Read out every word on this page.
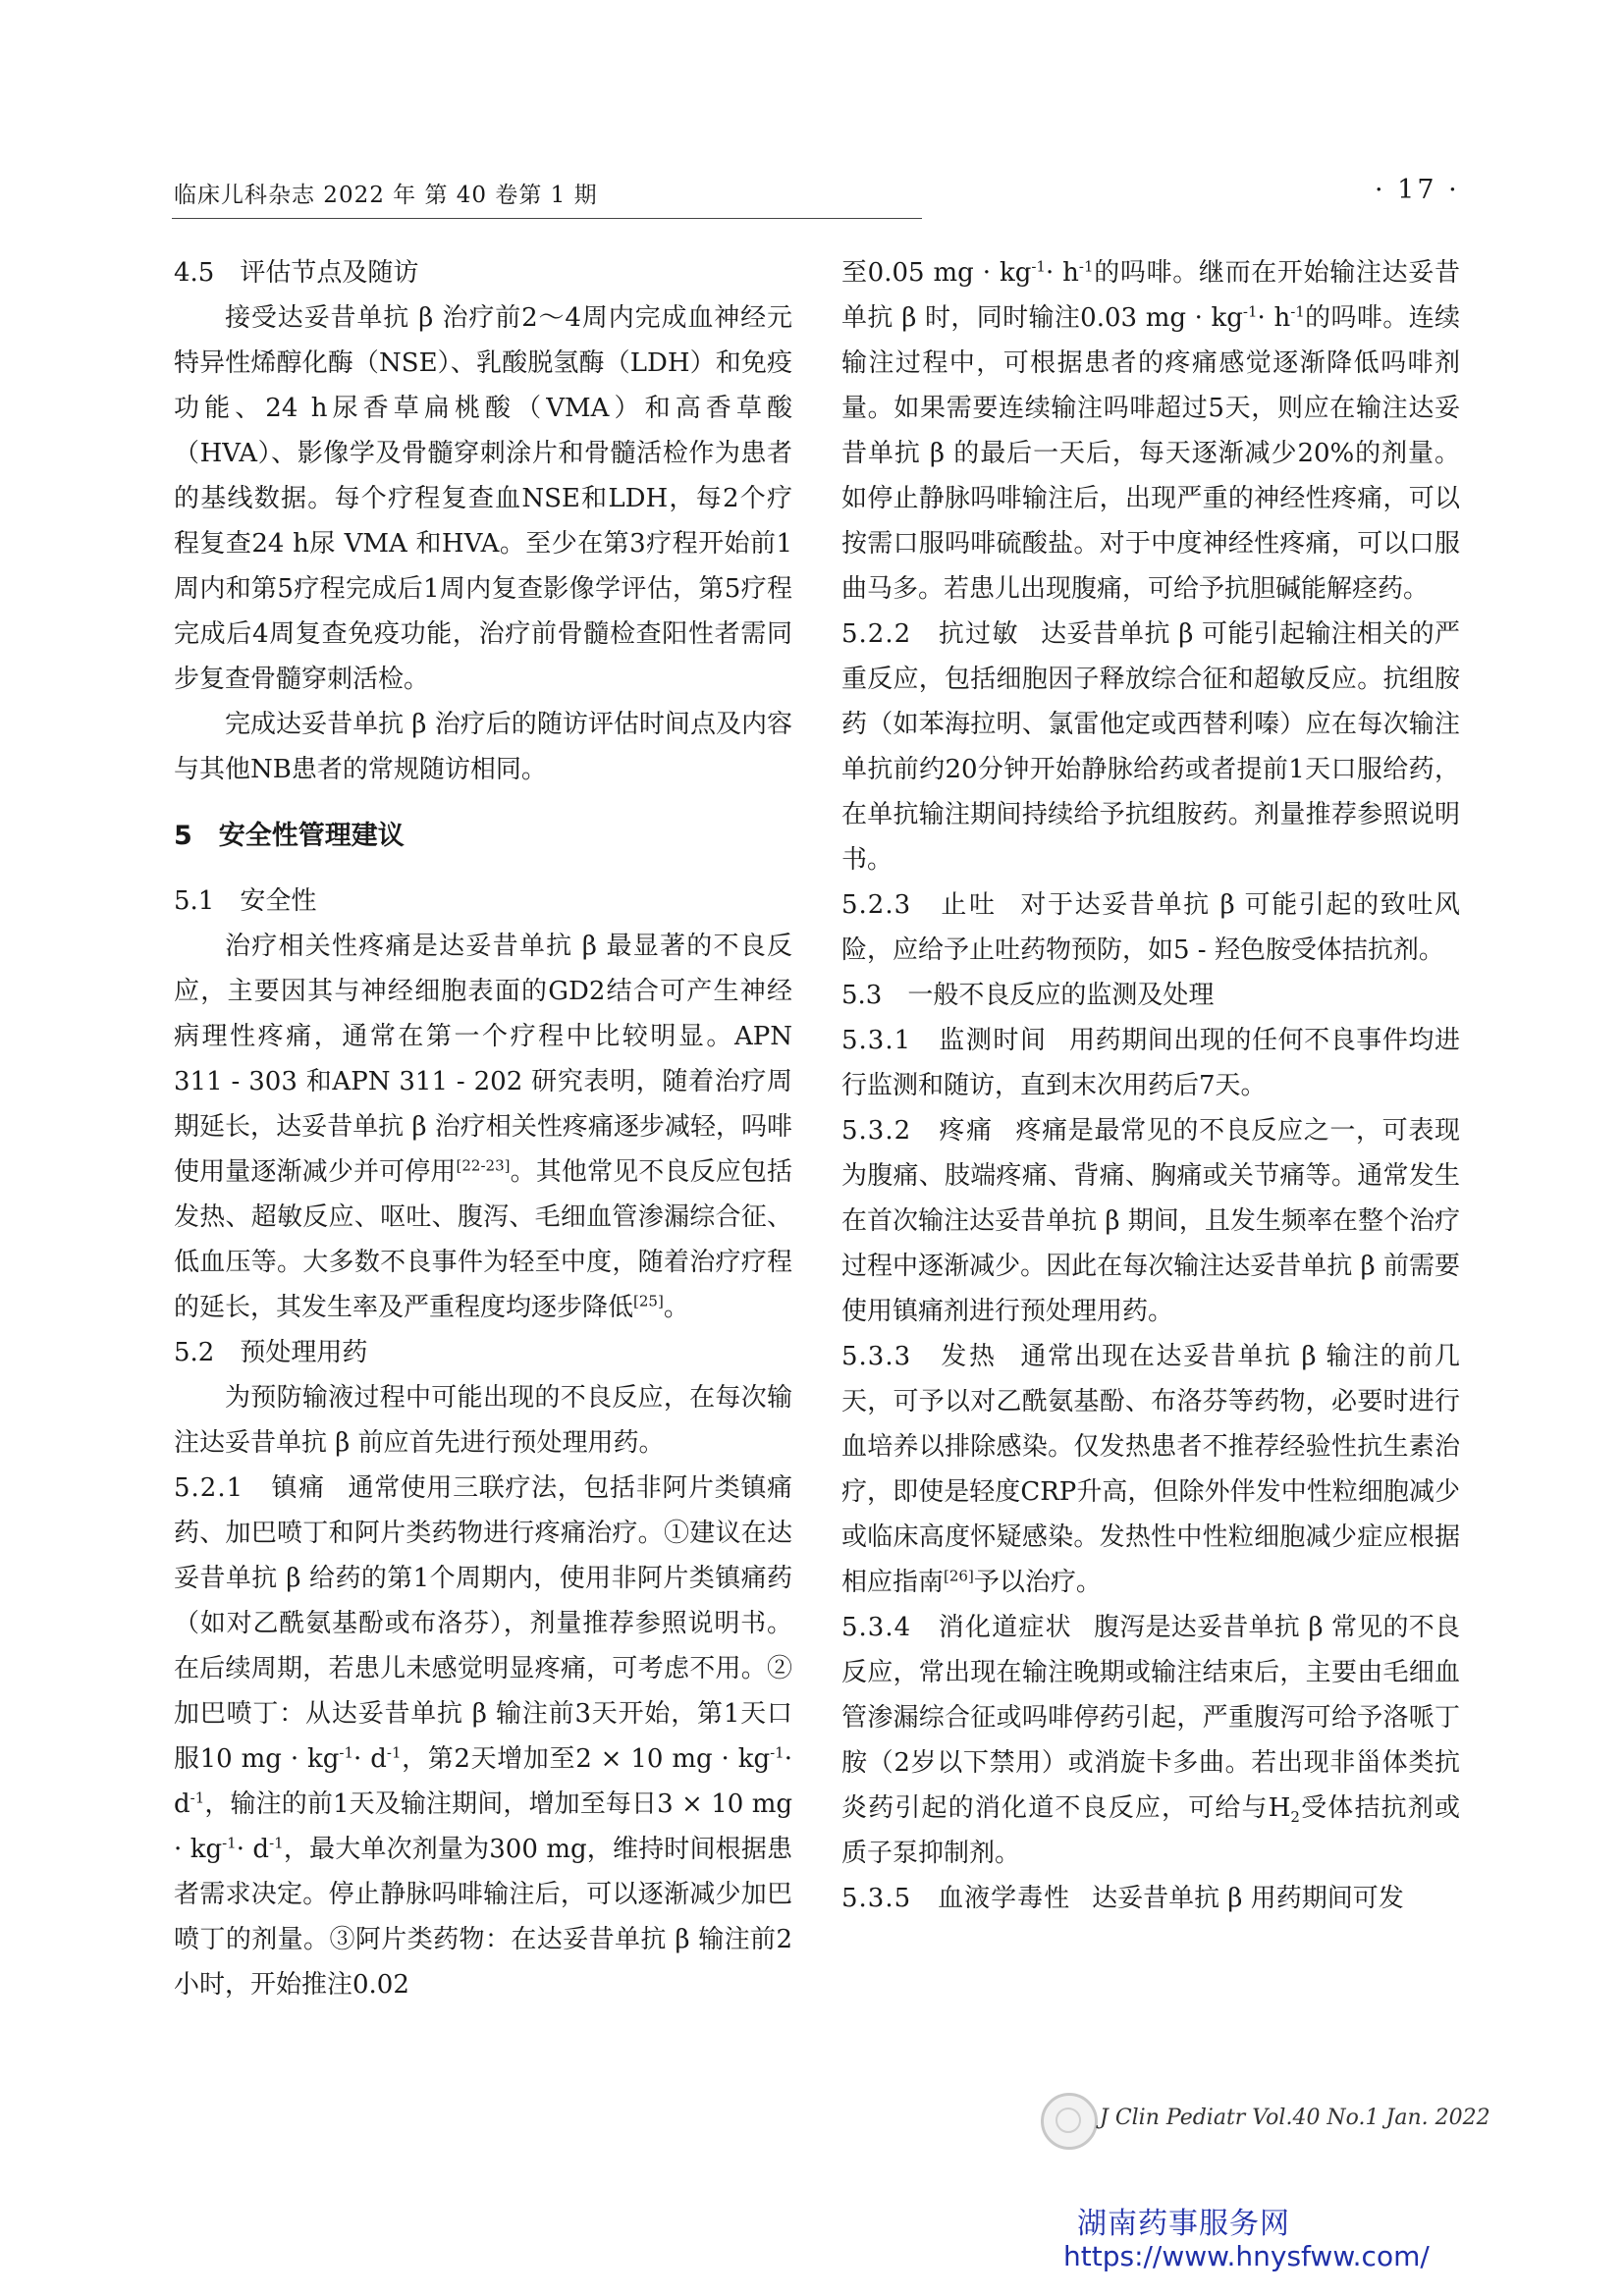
临床儿科杂志 2022 年 第 40 卷第 1 期	· 17 ·

4.5　评估节点及随访

接受达妥昔单抗 β 治疗前2～4周内完成血神经元特异性烯醇化酶（NSE）、乳酸脱氢酶（LDH）和免疫功能、24 h尿香草扁桃酸（VMA）和高香草酸（HVA）、影像学及骨髓穿刺涂片和骨髓活检作为患者的基线数据。每个疗程复查血NSE和LDH，每2个疗程复查24 h尿 VMA 和HVA。至少在第3疗程开始前1周内和第5疗程完成后1周内复查影像学评估，第5疗程完成后4周复查免疫功能，治疗前骨髓检查阳性者需同步复查骨髓穿刺活检。

完成达妥昔单抗 β 治疗后的随访评估时间点及内容与其他NB患者的常规随访相同。

5　安全性管理建议

5.1　安全性

治疗相关性疼痛是达妥昔单抗 β 最显著的不良反应，主要因其与神经细胞表面的GD2结合可产生神经病理性疼痛，通常在第一个疗程中比较明显。APN 311 - 303 和APN 311 - 202 研究表明，随着治疗周期延长，达妥昔单抗 β 治疗相关性疼痛逐步减轻，吗啡使用量逐渐减少并可停用[22-23]。其他常见不良反应包括发热、超敏反应、呕吐、腹泻、毛细血管渗漏综合征、低血压等。大多数不良事件为轻至中度，随着治疗疗程的延长，其发生率及严重程度均逐步降低[25]。

5.2　预处理用药

为预防输液过程中可能出现的不良反应，在每次输注达妥昔单抗 β 前应首先进行预处理用药。

5.2.1　镇痛 通常使用三联疗法，包括非阿片类镇痛药、加巴喷丁和阿片类药物进行疼痛治疗。①建议在达妥昔单抗 β 给药的第1个周期内，使用非阿片类镇痛药（如对乙酰氨基酚或布洛芬），剂量推荐参照说明书。在后续周期，若患儿未感觉明显疼痛，可考虑不用。②加巴喷丁：从达妥昔单抗 β 输注前3天开始，第1天口服10 mg · $kg^{-1}\cdot d^{-1}$，第2天增加至2 × 10 mg · $kg^{-1}\cdot d^{-1}$，输注的前1天及输注期间，增加至每日3 × 10 mg · $kg^{-1}\cdot d^{-1}$，最大单次剂量为300 mg，维持时间根据患者需求决定。停止静脉吗啡输注后，可以逐渐减少加巴喷丁的剂量。③阿片类药物：在达妥昔单抗 β 输注前2小时，开始推注0.02

至0.05 mg · $kg^{-1}\cdot h^{-1}$的吗啡。继而在开始输注达妥昔单抗 β 时，同时输注0.03 mg · $kg^{-1}\cdot h^{-1}$的吗啡。连续输注过程中，可根据患者的疼痛感觉逐渐降低吗啡剂量。如果需要连续输注吗啡超过5天，则应在输注达妥昔单抗 β 的最后一天后，每天逐渐减少20%的剂量。如停止静脉吗啡输注后，出现严重的神经性疼痛，可以按需口服吗啡硫酸盐。对于中度神经性疼痛，可以口服曲马多。若患儿出现腹痛，可给予抗胆碱能解痉药。

5.2.2　抗过敏 达妥昔单抗 β 可能引起输注相关的严重反应，包括细胞因子释放综合征和超敏反应。抗组胺药（如苯海拉明、氯雷他定或西替利嗪）应在每次输注单抗前约20分钟开始静脉给药或者提前1天口服给药，在单抗输注期间持续给予抗组胺药。剂量推荐参照说明书。

5.2.3　止吐 对于达妥昔单抗 β 可能引起的致吐风险，应给予止吐药物预防，如5 - 羟色胺受体拮抗剂。

5.3　一般不良反应的监测及处理

5.3.1　监测时间 用药期间出现的任何不良事件均进行监测和随访，直到末次用药后7天。

5.3.2　疼痛 疼痛是最常见的不良反应之一，可表现为腹痛、肢端疼痛、背痛、胸痛或关节痛等。通常发生在首次输注达妥昔单抗 β 期间，且发生频率在整个治疗过程中逐渐减少。因此在每次输注达妥昔单抗 β 前需要使用镇痛剂进行预处理用药。

5.3.3　发热 通常出现在达妥昔单抗 β 输注的前几天，可予以对乙酰氨基酚、布洛芬等药物，必要时进行血培养以排除感染。仅发热患者不推荐经验性抗生素治疗，即使是轻度CRP升高，但除外伴发中性粒细胞减少或临床高度怀疑感染。发热性中性粒细胞减少症应根据相应指南[26]予以治疗。

5.3.4　消化道症状 腹泻是达妥昔单抗 β 常见的不良反应，常出现在输注晚期或输注结束后，主要由毛细血管渗漏综合征或吗啡停药引起，严重腹泻可给予洛哌丁胺（2岁以下禁用）或消旋卡多曲。若出现非甾体类抗炎药引起的消化道不良反应，可给与$H_2$受体拮抗剂或质子泵抑制剂。

5.3.5　血液学毒性 达妥昔单抗 β 用药期间可发

J Clin Pediatr Vol.40 No.1 Jan. 2022
湖南药事服务网
https://www.hnysfww.com/
